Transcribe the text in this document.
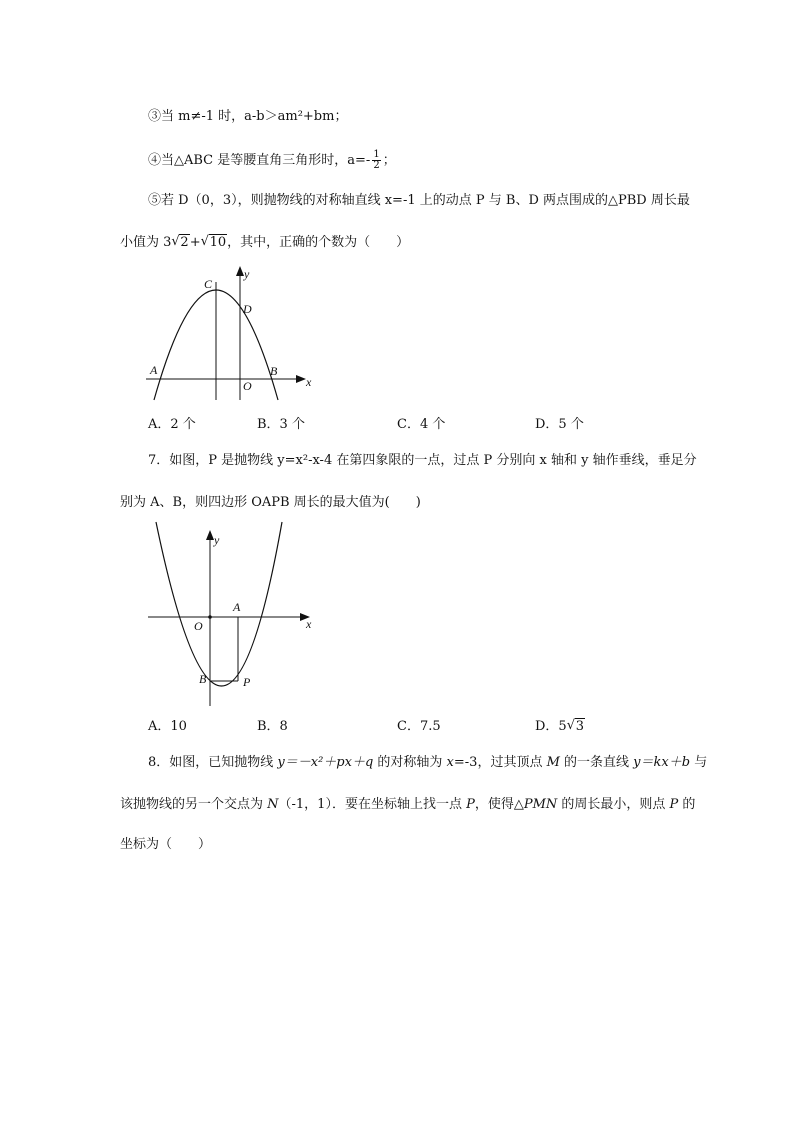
③当 m≠-1 时，a-b＞am²+bm；
④当△ABC 是等腰直角三角形时，$a=- \frac{1}{2}$ ；
⑤若 D（0，3），则抛物线的对称轴直线 x=-1 上的动点 P 与 B、D 两点围成的△PBD 周长最
小值为 3 √ 2+ √ 10，其中，正确的个数为（　　）
y
x
C
D
A	B
O
A．2 个	B．3 个	C．4 个	D．5 个
7．如图，P 是抛物线 y=x²-x-4 在第四象限的一点，过点 P 分别向 x 轴和 y 轴作垂线，垂足分
别为 A、B，则四边形 OAPB 周长的最大值为(　　)
y
x
O
A
B	P
A．10	B．8	C．7.5	D．5 √ 3
8．如图，已知抛物线 y＝－x²＋px＋q 的对称轴为 x=-3，过其顶点 M 的一条直线 y＝kx＋b 与
该抛物线的另一个交点为 N（-1，1）．要在坐标轴上找一点 P，使得△PMN 的周长最小，则点 P 的
坐标为（　　）
